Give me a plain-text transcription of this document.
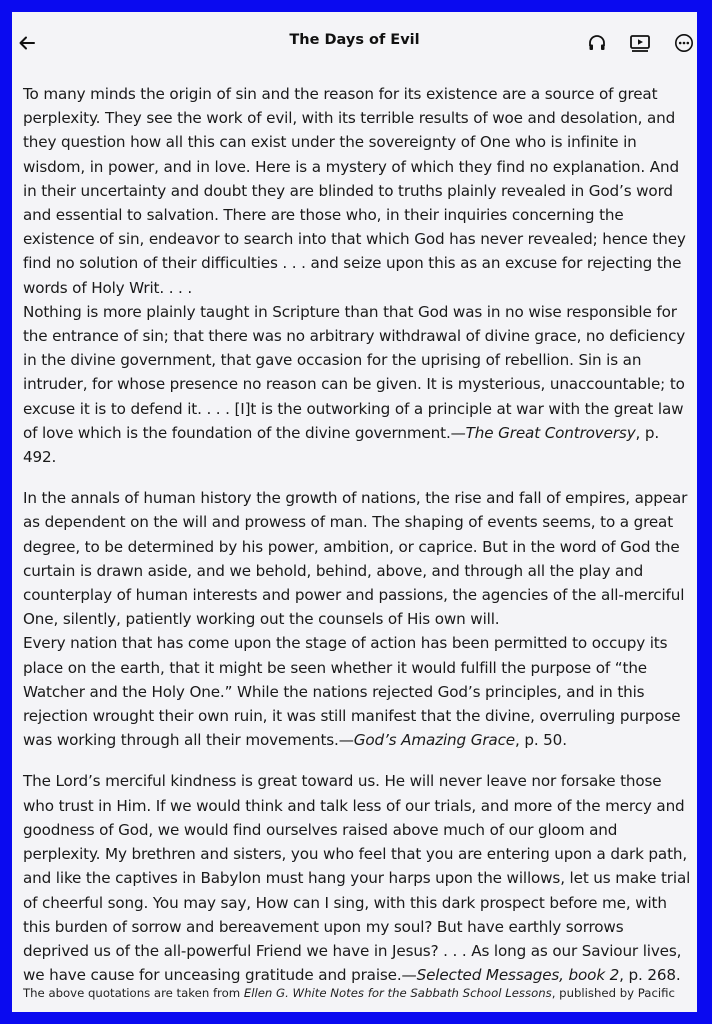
The Days of Evil

To many minds the origin of sin and the reason for its existence are a source of great perplexity. They see the work of evil, with its terrible results of woe and desolation, and they question how all this can exist under the sovereignty of One who is infinite in wisdom, in power, and in love. Here is a mystery of which they find no explanation. And in their uncertainty and doubt they are blinded to truths plainly revealed in God’s word and essential to salvation. There are those who, in their inquiries concerning the existence of sin, endeavor to search into that which God has never revealed; hence they find no solution of their difficulties . . . and seize upon this as an excuse for rejecting the words of Holy Writ. . . .

Nothing is more plainly taught in Scripture than that God was in no wise responsible for the entrance of sin; that there was no arbitrary withdrawal of divine grace, no deficiency in the divine government, that gave occasion for the uprising of rebellion. Sin is an intruder, for whose presence no reason can be given. It is mysterious, unaccountable; to excuse it is to defend it. . . . [I]t is the outworking of a principle at war with the great law of love which is the foundation of the divine government.—The Great Controversy, p. 492.

In the annals of human history the growth of nations, the rise and fall of empires, appear as dependent on the will and prowess of man. The shaping of events seems, to a great degree, to be determined by his power, ambition, or caprice. But in the word of God the curtain is drawn aside, and we behold, behind, above, and through all the play and counterplay of human interests and power and passions, the agencies of the all-merciful One, silently, patiently working out the counsels of His own will.

Every nation that has come upon the stage of action has been permitted to occupy its place on the earth, that it might be seen whether it would fulfill the purpose of “the Watcher and the Holy One.” While the nations rejected God’s principles, and in this rejection wrought their own ruin, it was still manifest that the divine, overruling purpose was working through all their movements.—God’s Amazing Grace, p. 50.

The Lord’s merciful kindness is great toward us. He will never leave nor forsake those who trust in Him. If we would think and talk less of our trials, and more of the mercy and goodness of God, we would find ourselves raised above much of our gloom and perplexity. My brethren and sisters, you who feel that you are entering upon a dark path, and like the captives in Babylon must hang your harps upon the willows, let us make trial of cheerful song. You may say, How can I sing, with this dark prospect before me, with this burden of sorrow and bereavement upon my soul? But have earthly sorrows deprived us of the all-powerful Friend we have in Jesus? . . . As long as our Saviour lives, we have cause for unceasing gratitude and praise.—Selected Messages, book 2, p. 268.

The above quotations are taken from Ellen G. White Notes for the Sabbath School Lessons, published by Pacific
